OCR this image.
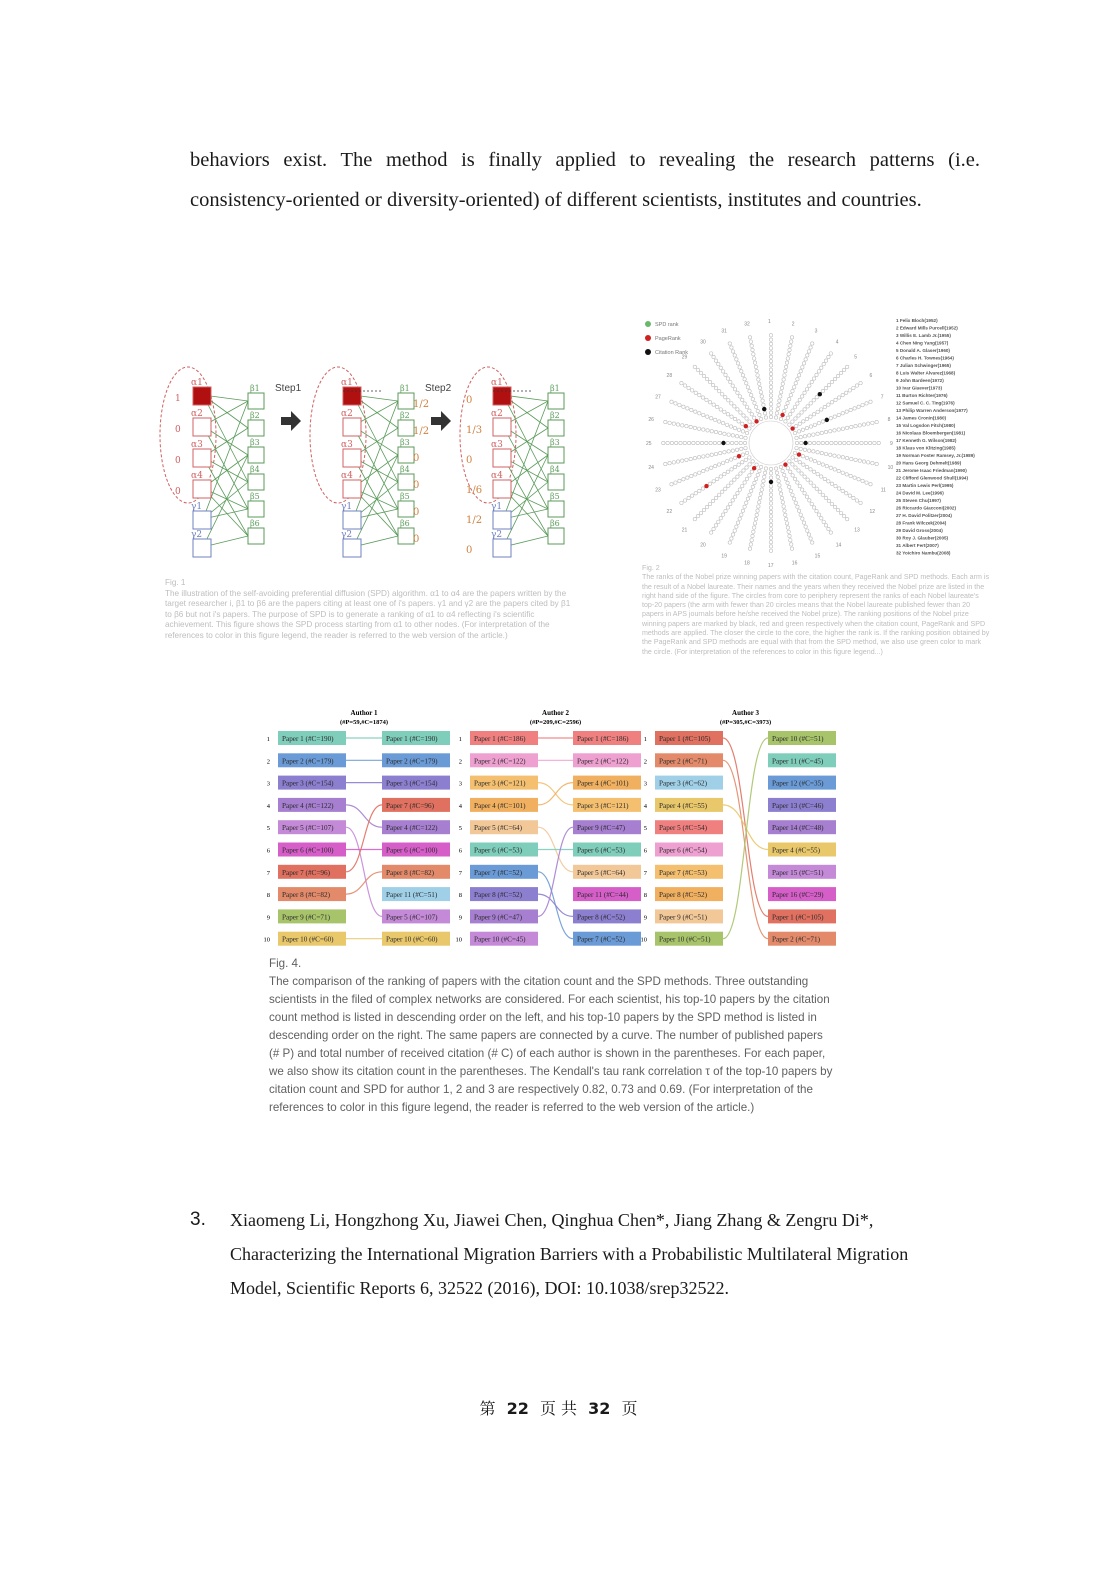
behaviors exist. The method is finally applied to revealing the research patterns (i.e.

consistency-oriented or diversity-oriented) of different scientists, institutes and countries.

α1
α2
α3
α4
γ1
γ2
β1
β2
β3
β4
β5
β6
α1
α2
α3
α4
γ1
γ2
β1
β2
β3
β4
β5
β6
α1
α2
α3
α4
γ1
γ2
β1
β2
β3
β4
β5
β6
1
0
0
0
1/2
1/2
0
0
0
0
0
1/3
0
1/6
1/2
0
Step1	Step2
Fig. 1
The illustration of the self-avoiding preferential diffusion (SPD) algorithm. α1 to α4 are the papers written by the target researcher i, β1 to β6 are the papers citing at least one of i's papers. γ1 and γ2 are the papers cited by β1 to β6 but not i's papers. The purpose of SPD is to generate a ranking of α1 to α4 reflecting i's scientific achievement. This figure shows the SPD process starting from α1 to other nodes. (For interpretation of the references to color in this figure legend, the reader is referred to the web version of the article.)
SPD rank
PageRank
Citation Rank
1	2
3
4
5
6
7
8
9
10
11
12
13
14
15
16
17
18
19
20
21
22
23
24
25
26
27
28
29
30
31
32
1 Felix Bloch(1952)
2 Edward Mills Purcell(1952)
3 Willis E. Lamb Jr.(1955)
4 Chen Ning Yang(1957)
5 Donald A. Glaser(1960)
6 Charles H. Townes(1964)
7 Julian Schwinger(1965)
8 Luis Walter Alvarez(1968)
9 John Bardeen(1972)
10 Ivar Giaever(1973)
11 Burton Richter(1976)
12 Samuel C. C. Ting(1976)
13 Philip Warren Anderson(1977)
14 James Cronin(1980)
15 Val Logsdon Fitch(1980)
16 Nicolaas Bloembergen(1981)
17 Kenneth G. Wilson(1982)
18 Klaus von Klitzing(1985)
19 Norman Foster Ramsey, Jr.(1989)
20 Hans Georg Dehmelt(1989)
21 Jerome Isaac Friedman(1990)
22 Clifford Glenwood Shull(1994)
23 Martin Lewis Perl(1995)
24 David M. Lee(1996)
25 Steven Chu(1997)
26 Riccardo Giacconi(2002)
27 H. David Politzer(2004)
28 Frank Wilczek(2004)
29 David Gross(2004)
30 Roy J. Glauber(2005)
31 Albert Fert(2007)
32 Yoichiro Nambu(2008)
Fig. 2
The ranks of the Nobel prize winning papers with the citation count, PageRank and SPD methods. Each arm is the result of a Nobel laureate. Their names and the years when they received the Nobel prize are listed in the right hand side of the figure. The circles from core to periphery represent the ranks of each Nobel laureate's top-20 papers (the arm with fewer than 20 circles means that the Nobel laureate published fewer than 20 papers in APS journals before he/she received the Nobel prize). The ranking positions of the Nobel prize winning papers are marked by black, red and green respectively when the citation count, PageRank and SPD methods are applied. The closer the circle to the core, the higher the rank is. If the ranking position obtained by the PageRank and SPD methods are equal with that from the SPD method, we also use green color to mark the circle. (For interpretation of the references to color in this figure legend...)
Author 1
(#P=59,#C=1874)
1 Paper 1 (#C=190)
2 Paper 2 (#C=179)
3 Paper 3 (#C=154)
4 Paper 4 (#C=122)
5 Paper 5 (#C=107)
6 Paper 6 (#C=100)
7 Paper 7 (#C=96)
8 Paper 8 (#C=82)
9 Paper 9 (#C=71)
10 Paper 10 (#C=60)
Paper 1 (#C=190)
Paper 2 (#C=179)
Paper 3 (#C=154)
Paper 7 (#C=96)
Paper 4 (#C=122)
Paper 6 (#C=100)
Paper 8 (#C=82)
Paper 11 (#C=51)
Paper 5 (#C=107)
Paper 10 (#C=60)
Author 2
(#P=209,#C=2596)
1 Paper 1 (#C=186)
2 Paper 2 (#C=122)
3 Paper 3 (#C=121)
4 Paper 4 (#C=101)
5 Paper 5 (#C=64)
6 Paper 6 (#C=53)
7 Paper 7 (#C=52)
8 Paper 8 (#C=52)
9 Paper 9 (#C=47)
10 Paper 10 (#C=45)
Paper 1 (#C=186)
Paper 2 (#C=122)
Paper 4 (#C=101)
Paper 3 (#C=121)
Paper 9 (#C=47)
Paper 6 (#C=53)
Paper 5 (#C=64)
Paper 11 (#C=44)
Paper 8 (#C=52)
Paper 7 (#C=52)
Author 3
(#P=305,#C=3973)
1 Paper 1 (#C=105)
2 Paper 2 (#C=71)
3 Paper 3 (#C=62)
4 Paper 4 (#C=55)
5 Paper 5 (#C=54)
6 Paper 6 (#C=54)
7 Paper 7 (#C=53)
8 Paper 8 (#C=52)
9 Paper 9 (#C=51)
10 Paper 10 (#C=51)
Paper 10 (#C=51)
Paper 11 (#C=45)
Paper 12 (#C=35)
Paper 13 (#C=46)
Paper 14 (#C=48)
Paper 4 (#C=55)
Paper 15 (#C=51)
Paper 16 (#C=29)
Paper 1 (#C=105)
Paper 2 (#C=71)
Fig. 4.
The comparison of the ranking of papers with the citation count and the SPD methods. Three outstanding scientists in the filed of complex networks are considered. For each scientist, his top-10 papers by the citation count method is listed in descending order on the left, and his top-10 papers by the SPD method is listed in descending order on the right. The same papers are connected by a curve. The number of published papers (# P) and total number of received citation (# C) of each author is shown in the parentheses. For each paper, we also show its citation count in the parentheses. The Kendall's tau rank correlation τ of the top-10 papers by citation count and SPD for author 1, 2 and 3 are respectively 0.82, 0.73 and 0.69. (For interpretation of the references to color in this figure legend, the reader is referred to the web version of the article.)
3. Xiaomeng Li, Hongzhong Xu, Jiawei Chen, Qinghua Chen*, Jiang Zhang & Zengru Di*,
Characterizing the International Migration Barriers with a Probabilistic Multilateral Migration
Model, Scientific Reports 6, 32522 (2016), DOI: 10.1038/srep32522.
第 22 页 共 32 页
